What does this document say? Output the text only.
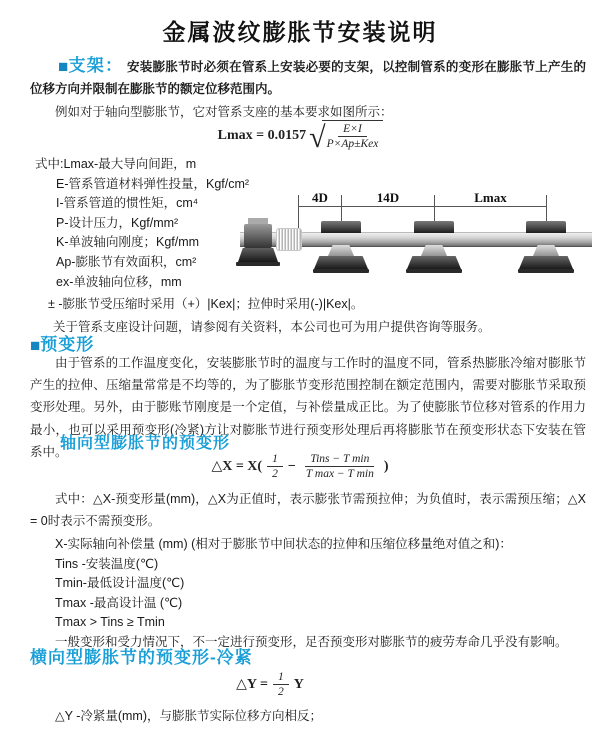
金属波纹膨胀节安装说明
■支架： 安装膨胀节时必须在管系上安装必要的支架，以控制管系的变形在膨胀节上产生的位移方向并限制在膨胀节的额定位移范围内。
例如对于轴向型膨胀节，它对管系支座的基本要求如图所示：
Lmax = 0.0157 √
$\frac{E\times I}{\text{P×Ap±Kex}}$
式中:Lmax-最大导向间距，m
E-管系管道材料弹性投量，Kgf/cm²
I-管系管道的惯性矩，cm⁴
P-设计压力，Kgf/mm²
K-单波轴向刚度；Kgf/mm
Ap-膨胀节有效面积，cm²
ex-单波轴向位移，mm
± -膨胀节受压缩时采用（+）|Kex|；拉伸时采用(-)|Kex|。
关于管系支座设计问题，请参阅有关资料，本公司也可为用户提供咨询等服务。
4D	14D	Lmax
■预变形
由于管系的工作温度变化，安装膨胀节时的温度与工作时的温度不同，管系热膨胀冷缩对膨胀节产生的拉伸、压缩量常常是不均等的，为了膨胀节变形范围控制在额定范围内，需要对膨胀节采取预变形处理。另外，由于膨账节刚度是一个定值，与补偿量成正比。为了使膨胀节位移对管系的作用力最小，也可以采用预变形(冷紧)方让对膨胀节进行预变形处理后再将膨胀节在预变形状态下安装在管系中。
轴向型膨胀节的预变形
△X = $X( \frac{1}{2} - \frac{\text{Tins − T min}}{\text{T max − T min}}$ )
式中：△X-预变形量(mm)，△X为正值时，表示膨张节需预拉伸；为负值时，表示需预压缩；△X = 0时表示不需预变形。
X-实际轴向补偿量 (mm) (相对于膨胀节中间状态的拉伸和压缩位移量绝对值之和)：
Tins -安装温度(℃)
Tmin-最低设计温度(℃)
Tmax -最高设计温 (℃)
Tmax > Tins ≥ Tmin
一般变形和受力情况下，不一定进行预变形，足否预变形对膨胀节的疲劳寿命几乎没有影响。
横向型膨胀节的预变形-冷紧
△Y = $\frac{1}{2}$ Y
△Y -冷紧量(mm)，与膨胀节实际位移方向相反；
